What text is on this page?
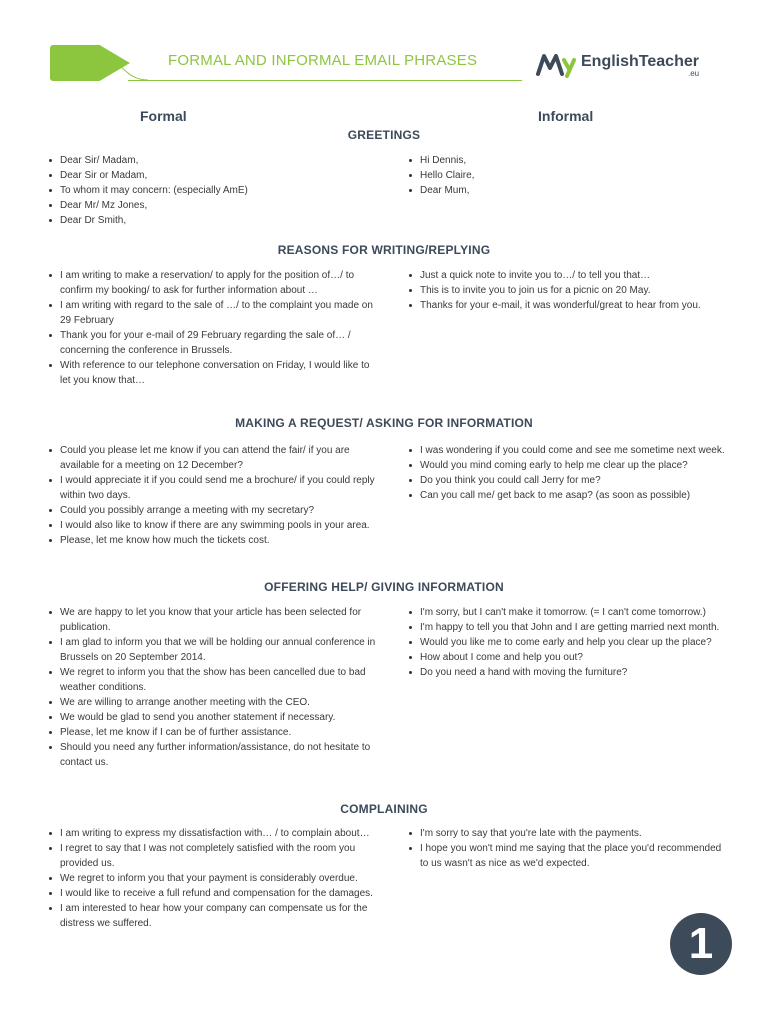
FORMAL AND INFORMAL EMAIL PHRASES	EnglishTeacher
.eu
Formal	Informal
GREETINGS
Dear Sir/ Madam,
Dear Sir or Madam,
To whom it may concern: (especially AmE)
Dear Mr/ Mz Jones,
Dear Dr Smith,
Hi Dennis,
Hello Claire,
Dear Mum,
REASONS FOR WRITING/REPLYING
I am writing to make a reservation/ to apply for the position of…/ to confirm my booking/ to ask for further information about …
I am writing with regard to the sale of …/ to the complaint you made on 29 February
Thank you for your e-mail of 29 February regarding the sale of… / concerning the conference in Brussels.
With reference to our telephone conversation on Friday, I would like to let you know that…
Just a quick note to invite you to…/ to tell you that…
This is to invite you to join us for a picnic on 20 May.
Thanks for your e-mail, it was wonderful/great to hear from you.
MAKING A REQUEST/ ASKING FOR INFORMATION
Could you please let me know if you can attend the fair/ if you are available for a meeting on 12 December?
I would appreciate it if you could send me a brochure/ if you could reply within two days.
Could you possibly arrange a meeting with my secretary?
I would also like to know if there are any swimming pools in your area.
Please, let me know how much the tickets cost.
I was wondering if you could come and see me sometime next week.
Would you mind coming early to help me clear up the place?
Do you think you could call Jerry for me?
Can you call me/ get back to me asap? (as soon as possible)
OFFERING HELP/ GIVING INFORMATION
We are happy to let you know that your article has been selected for publication.
I am glad to inform you that we will be holding our annual conference in Brussels on 20 September 2014.
We regret to inform you that the show has been cancelled due to bad weather conditions.
We are willing to arrange another meeting with the CEO.
We would be glad to send you another statement if necessary.
Please, let me know if I can be of further assistance.
Should you need any further information/assistance, do not hesitate to contact us.
I'm sorry, but I can't make it tomorrow. (= I can't come tomorrow.)
I'm happy to tell you that John and I are getting married next month.
Would you like me to come early and help you clear up the place?
How about I come and help you out?
Do you need a hand with moving the furniture?
COMPLAINING
I am writing to express my dissatisfaction with… / to complain about…
I regret to say that I was not completely satisfied with the room you provided us.
We regret to inform you that your payment is considerably overdue.
I would like to receive a full refund and compensation for the damages.
I am interested to hear how your company can compensate us for the distress we suffered.
I'm sorry to say that you're late with the payments.
I hope you won't mind me saying that the place you'd recommended to us wasn't as nice as we'd expected.
1
